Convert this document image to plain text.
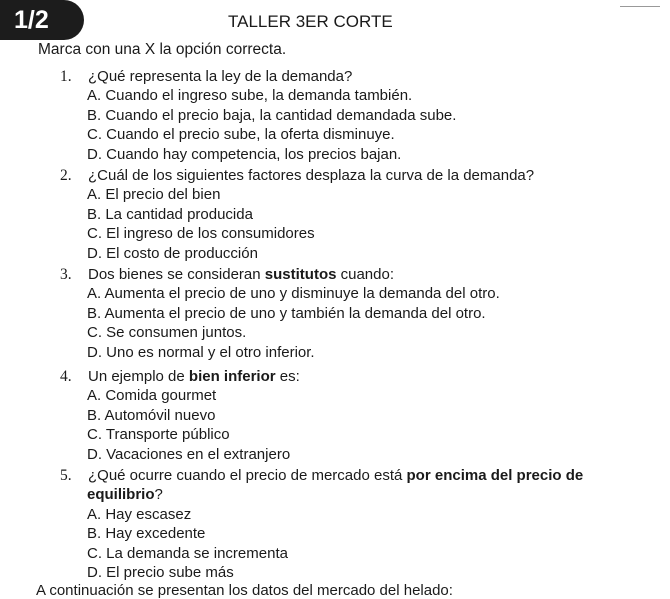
1/2	TALLER 3ER CORTE
Marca con una X la opción correcta.
1.	¿Qué representa la ley de la demanda?
A. Cuando el ingreso sube, la demanda también.
B. Cuando el precio baja, la cantidad demandada sube.
C. Cuando el precio sube, la oferta disminuye.
D. Cuando hay competencia, los precios bajan.
2.	¿Cuál de los siguientes factores desplaza la curva de la demanda?
A. El precio del bien
B. La cantidad producida
C. El ingreso de los consumidores
D. El costo de producción
3.	Dos bienes se consideran sustitutos cuando:
A. Aumenta el precio de uno y disminuye la demanda del otro.
B. Aumenta el precio de uno y también la demanda del otro.
C. Se consumen juntos.
D. Uno es normal y el otro inferior.
4.	Un ejemplo de bien inferior es:
A. Comida gourmet
B. Automóvil nuevo
C. Transporte público
D. Vacaciones en el extranjero
5.	¿Qué ocurre cuando el precio de mercado está por encima del precio de
equilibrio?
A. Hay escasez
B. Hay excedente
C. La demanda se incrementa
D. El precio sube más
A continuación se presentan los datos del mercado del helado:
